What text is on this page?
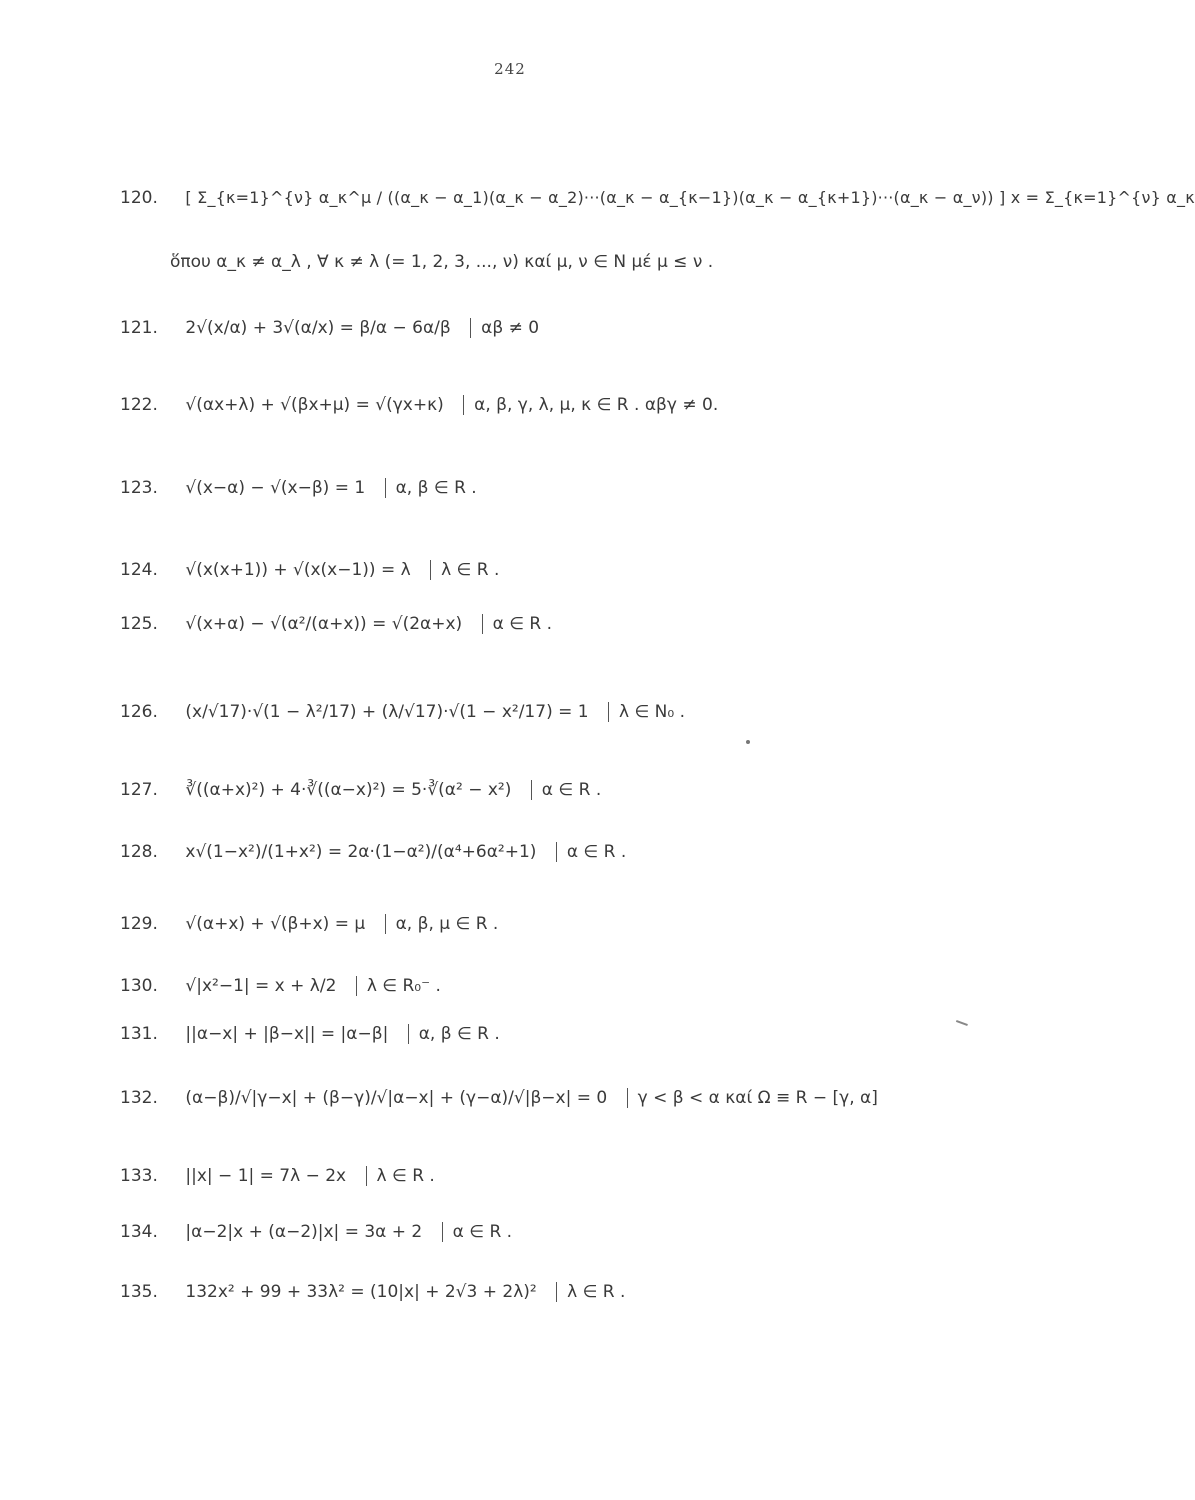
242
120. [ Σ_{κ=1}^{ν} α_κ^μ / ((α_κ − α_1)(α_κ − α_2)···(α_κ − α_{κ−1})(α_κ − α_{κ+1})···(α_κ − α_ν)) ] x = Σ_{κ=1}^{ν} α_κ
ὅπου α_κ ≠ α_λ , ∀ κ ≠ λ (= 1, 2, 3, ..., ν) καί μ, ν ∈ N μέ μ ≤ ν .
121. 2√(x/α) + 3√(α/x) = β/α − 6α/β αβ ≠ 0
122. √(αx+λ) + √(βx+μ) = √(γx+κ) α, β, γ, λ, μ, κ ∈ R . αβγ ≠ 0.
123. √(x−α) − √(x−β) = 1 α, β ∈ R .
124. √(x(x+1)) + √(x(x−1)) = λ λ ∈ R .
125. √(x+α) − √(α²/(α+x)) = √(2α+x) α ∈ R .
126. (x/√17)·√(1 − λ²/17) + (λ/√17)·√(1 − x²/17) = 1 λ ∈ N₀ .
127. ∛((α+x)²) + 4·∛((α−x)²) = 5·∛(α² − x²) α ∈ R .
128. x√(1−x²)/(1+x²) = 2α·(1−α²)/(α⁴+6α²+1) α ∈ R .
129. √(α+x) + √(β+x) = μ α, β, μ ∈ R .
130. √|x²−1| = x + λ/2 λ ∈ R₀⁻ .
131. ||α−x| + |β−x|| = |α−β| α, β ∈ R .
132. (α−β)/√|γ−x| + (β−γ)/√|α−x| + (γ−α)/√|β−x| = 0 γ < β < α καί Ω ≡ R − [γ, α]
133. ||x| − 1| = 7λ − 2x λ ∈ R .
134. |α−2|x + (α−2)|x| = 3α + 2 α ∈ R .
135. 132x² + 99 + 33λ² = (10|x| + 2√3 + 2λ)² λ ∈ R .
